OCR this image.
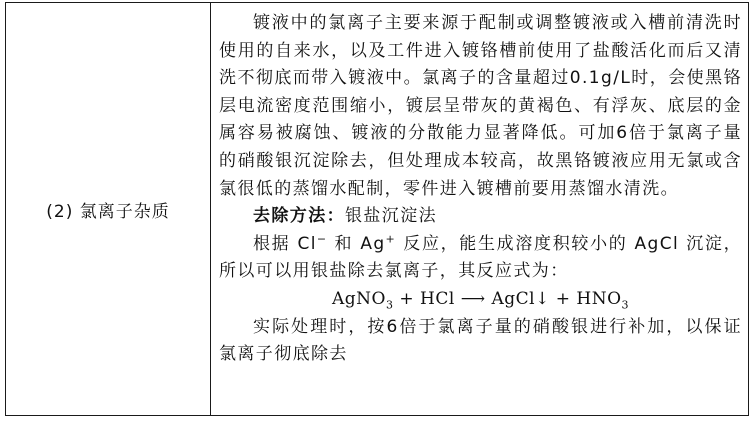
(2) 氯离子杂质

镀液中的氯离子主要来源于配制或调整镀液或入槽前清洗时使用的自来水，以及工件进入镀铬槽前使用了盐酸活化而后又清洗不彻底而带入镀液中。氯离子的含量超过0.1g/L时，会使黑铬层电流密度范围缩小，镀层呈带灰的黄褐色、有浮灰、底层的金属容易被腐蚀、镀液的分散能力显著降低。可加6倍于氯离子量的硝酸银沉淀除去，但处理成本较高，故黑铬镀液应用无氯或含氯很低的蒸馏水配制，零件进入镀槽前要用蒸馏水清洗。

去除方法：银盐沉淀法

根据 Cl− 和 Ag+ 反应，能生成溶度积较小的 AgCl 沉淀，所以可以用银盐除去氯离子，其反应式为：

AgNO$_3$ + HCl ⟶ AgCl↓ + $HNO_3$

实际处理时，按6倍于氯离子量的硝酸银进行补加，以保证氯离子彻底除去
